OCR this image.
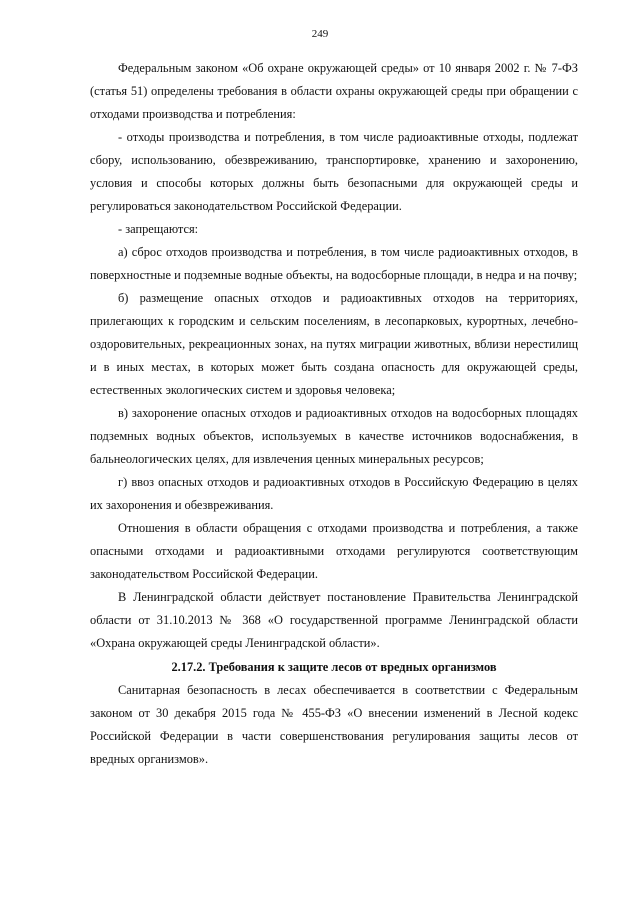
249

Федеральным законом «Об охране окружающей среды» от 10 января 2002 г. № 7-ФЗ (статья 51) определены требования в области охраны окружающей среды при обращении с отходами производства и потребления:

- отходы производства и потребления, в том числе радиоактивные отходы, подлежат сбору, использованию, обезвреживанию, транспортировке, хранению и захоронению, условия и способы которых должны быть безопасными для окружающей среды и регулироваться законодательством Российской Федерации.

- запрещаются:

а) сброс отходов производства и потребления, в том числе радиоактивных отходов, в поверхностные и подземные водные объекты, на водосборные площади, в недра и на почву;

б) размещение опасных отходов и радиоактивных отходов на территориях, прилегающих к городским и сельским поселениям, в лесопарковых, курортных, лечебно-оздоровительных, рекреационных зонах, на путях миграции животных, вблизи нерестилищ и в иных местах, в которых может быть создана опасность для окружающей среды, естественных экологических систем и здоровья человека;

в) захоронение опасных отходов и радиоактивных отходов на водосборных площадях подземных водных объектов, используемых в качестве источников водоснабжения, в бальнеологических целях, для извлечения ценных минеральных ресурсов;

г) ввоз опасных отходов и радиоактивных отходов в Российскую Федерацию в целях их захоронения и обезвреживания.

Отношения в области обращения с отходами производства и потребления, а также опасными отходами и радиоактивными отходами регулируются соответствующим законодательством Российской Федерации.

В Ленинградской области действует постановление Правительства Ленинградской области от 31.10.2013 № 368 «О государственной программе Ленинградской области «Охрана окружающей среды Ленинградской области».

2.17.2. Требования к защите лесов от вредных организмов

Санитарная безопасность в лесах обеспечивается в соответствии с Федеральным законом от 30 декабря 2015 года № 455-ФЗ «О внесении изменений в Лесной кодекс Российской Федерации в части совершенствования регулирования защиты лесов от вредных организмов».
